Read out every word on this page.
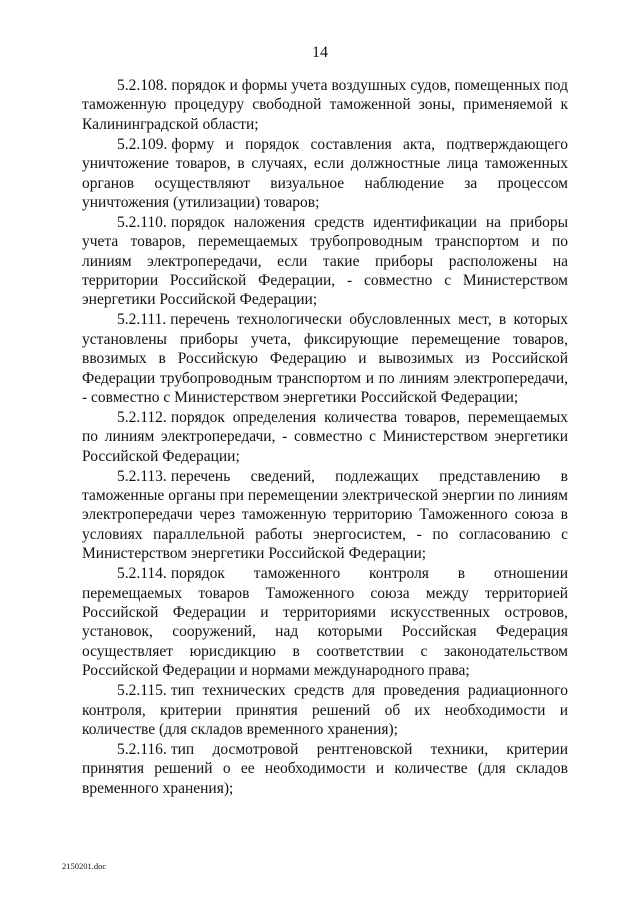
14

5.2.108. порядок и формы учета воздушных судов, помещенных под таможенную процедуру свободной таможенной зоны, применяемой к Калининградской области;

5.2.109. форму и порядок составления акта, подтверждающего уничтожение товаров, в случаях, если должностные лица таможенных органов осуществляют визуальное наблюдение за процессом уничтожения (утилизации) товаров;

5.2.110. порядок наложения средств идентификации на приборы учета товаров, перемещаемых трубопроводным транспортом и по линиям электропередачи, если такие приборы расположены на территории Российской Федерации, - совместно с Министерством энергетики Российской Федерации;

5.2.111. перечень технологически обусловленных мест, в которых установлены приборы учета, фиксирующие перемещение товаров, ввозимых в Российскую Федерацию и вывозимых из Российской Федерации трубопроводным транспортом и по линиям электропередачи, - совместно с Министерством энергетики Российской Федерации;

5.2.112. порядок определения количества товаров, перемещаемых по линиям электропередачи, - совместно с Министерством энергетики Российской Федерации;

5.2.113. перечень сведений, подлежащих представлению в таможенные органы при перемещении электрической энергии по линиям электропередачи через таможенную территорию Таможенного союза в условиях параллельной работы энергосистем, - по согласованию с Министерством энергетики Российской Федерации;

5.2.114. порядок таможенного контроля в отношении перемещаемых товаров Таможенного союза между территорией Российской Федерации и территориями искусственных островов, установок, сооружений, над которыми Российская Федерация осуществляет юрисдикцию в соответствии с законодательством Российской Федерации и нормами международного права;

5.2.115. тип технических средств для проведения радиационного контроля, критерии принятия решений об их необходимости и количестве (для складов временного хранения);

5.2.116. тип досмотровой рентгеновской техники, критерии принятия решений о ее необходимости и количестве (для складов временного хранения);

2150201.doc
